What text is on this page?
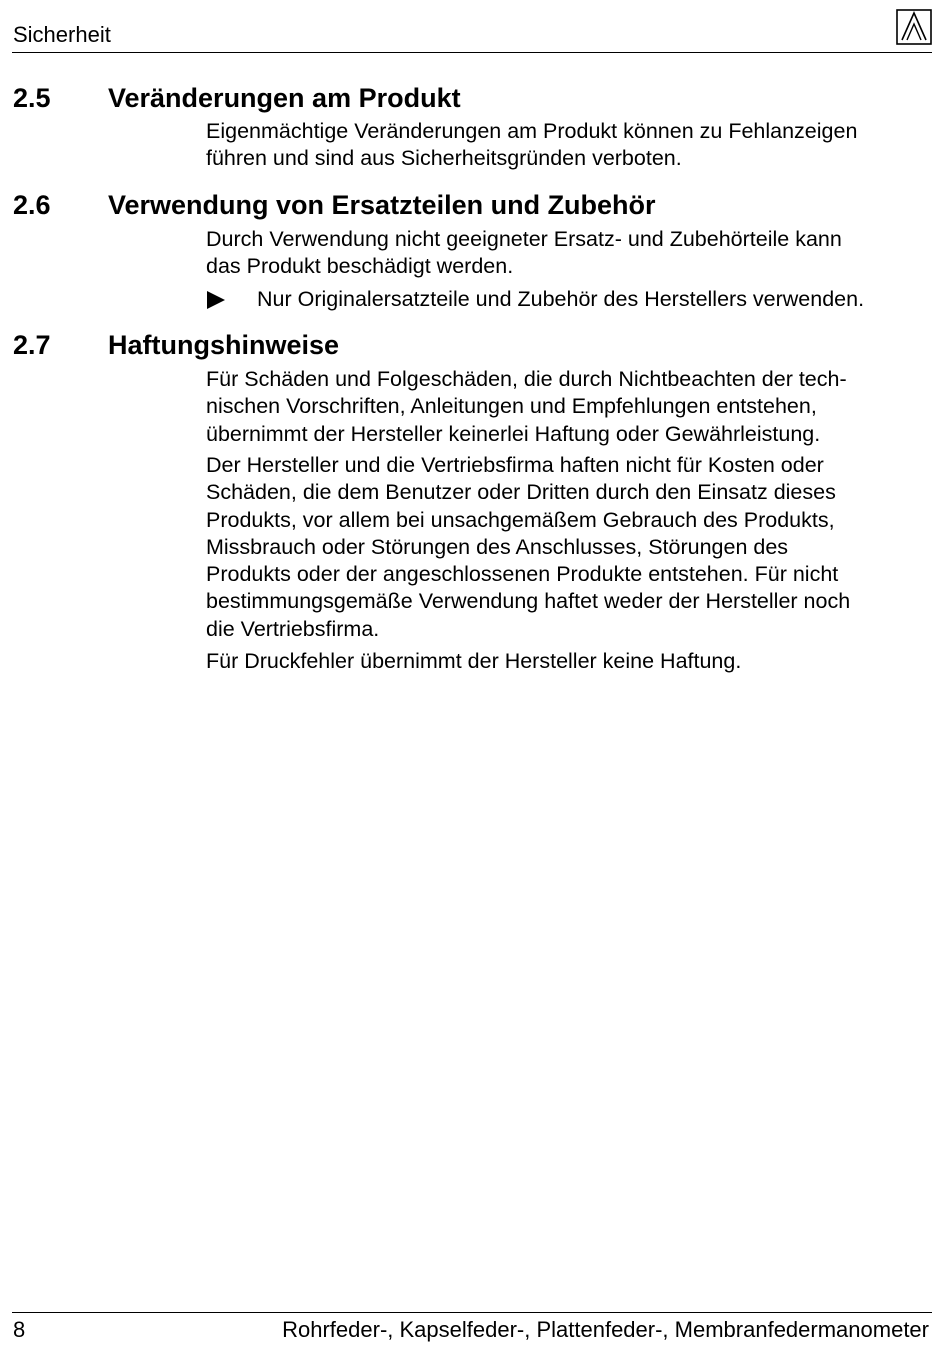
Sicherheit
2.5 Veränderungen am Produkt

Eigenmächtige Veränderungen am Produkt können zu Fehlanzeigen
führen und sind aus Sicherheitsgründen verboten.

2.6 Verwendung von Ersatzteilen und Zubehör

Durch Verwendung nicht geeigneter Ersatz- und Zubehörteile kann
das Produkt beschädigt werden.

Nur Originalersatzteile und Zubehör des Herstellers verwenden.
2.7 Haftungshinweise

Für Schäden und Folgeschäden, die durch Nichtbeachten der tech-
nischen Vorschriften, Anleitungen und Empfehlungen entstehen,
übernimmt der Hersteller keinerlei Haftung oder Gewährleistung.

Der Hersteller und die Vertriebsfirma haften nicht für Kosten oder
Schäden, die dem Benutzer oder Dritten durch den Einsatz dieses
Produkts, vor allem bei unsachgemäßem Gebrauch des Produkts,
Missbrauch oder Störungen des Anschlusses, Störungen des
Produkts oder der angeschlossenen Produkte entstehen. Für nicht
bestimmungsgemäße Verwendung haftet weder der Hersteller noch
die Vertriebsfirma.

Für Druckfehler übernimmt der Hersteller keine Haftung.

8	Rohrfeder-, Kapselfeder-, Plattenfeder-, Membranfedermanometer
